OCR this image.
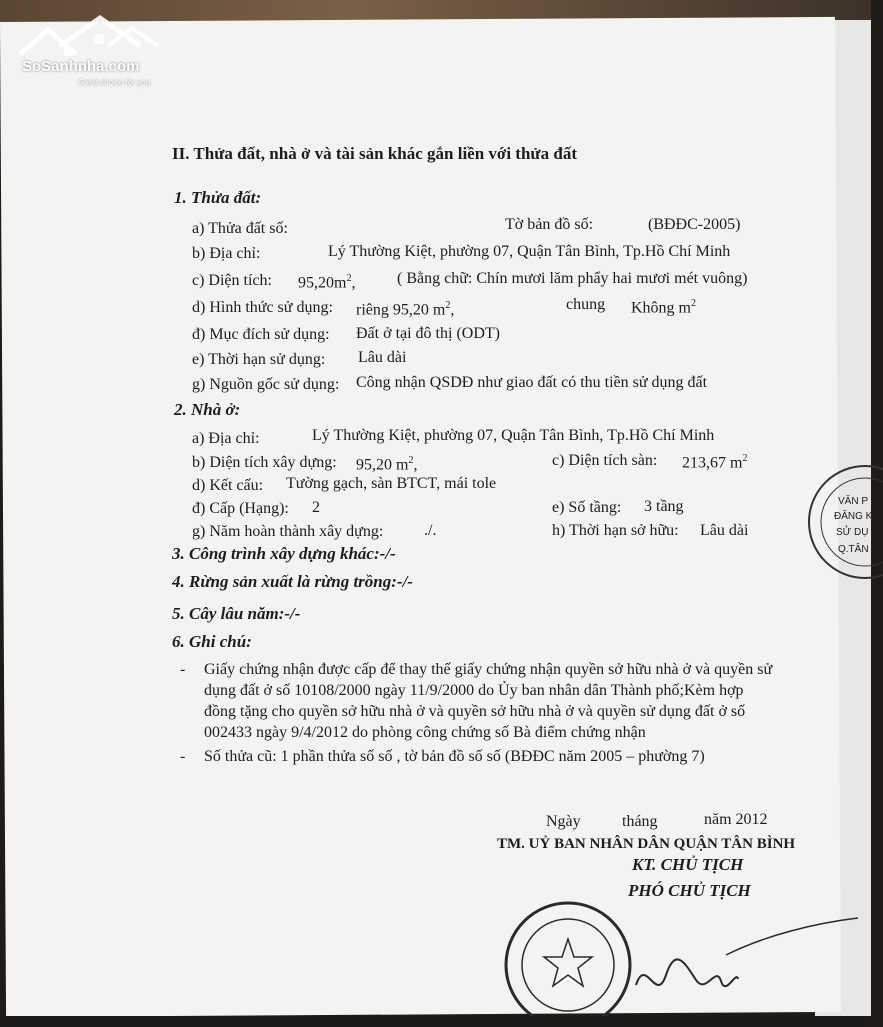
SoSanhnha.com
Great choice for you
II. Thửa đất, nhà ở và tài sản khác gắn liền với thửa đất
1. Thửa đất:
a) Thửa đất số:	Tờ bản đồ số:	(BĐĐC-2005)
b) Địa chỉ:	Lý Thường Kiệt, phường 07, Quận Tân Bình, Tp.Hồ Chí Minh
c) Diện tích: $95,20m^2$,	( Bằng chữ: Chín mươi lăm phẩy hai mươi mét vuông)
d) Hình thức sử dụng: riêng 95,20 $m^2$,	chung Không $m^2$
đ) Mục đích sử dụng: Đất ở tại đô thị (ODT)
e) Thời hạn sử dụng: Lâu dài
g) Nguồn gốc sử dụng: Công nhận QSDĐ như giao đất có thu tiền sử dụng đất
2. Nhà ở:
a) Địa chỉ:	Lý Thường Kiệt, phường 07, Quận Tân Bình, Tp.Hồ Chí Minh
b) Diện tích xây dựng: 95,20 $m^2$,	c) Diện tích sàn: 213,67 $m^2$
d) Kết cấu: Tường gạch, sàn BTCT, mái tole
đ) Cấp (Hạng): 2	e) Số tầng: 3 tầng
g) Năm hoàn thành xây dựng:	./.	h) Thời hạn sở hữu: Lâu dài
3. Công trình xây dựng khác:-/-
4. Rừng sản xuất là rừng trồng:-/-
5. Cây lâu năm:-/-
6. Ghi chú:
- Giấy chứng nhận được cấp để thay thế giấy chứng nhận quyền sở hữu nhà ở và quyền sử
dụng đất ở số 10108/2000 ngày 11/9/2000 do Ủy ban nhân dân Thành phố;Kèm hợp
đồng tặng cho quyền sở hữu nhà ở và quyền sở hữu nhà ở và quyền sử dụng đất ở số
002433 ngày 9/4/2012 do phòng công chứng số Bà điểm chứng nhận
- Số thửa cũ: 1 phần thửa số số , tờ bản đồ số số (BĐĐC năm 2005 – phường 7)
Ngày	tháng	năm 2012
TM. UỶ BAN NHÂN DÂN QUẬN TÂN BÌNH
KT. CHỦ TỊCH
PHÓ CHỦ TỊCH
VĂN P
ĐĂNG KÝ
SỬ DỤ
Q.TÂN
